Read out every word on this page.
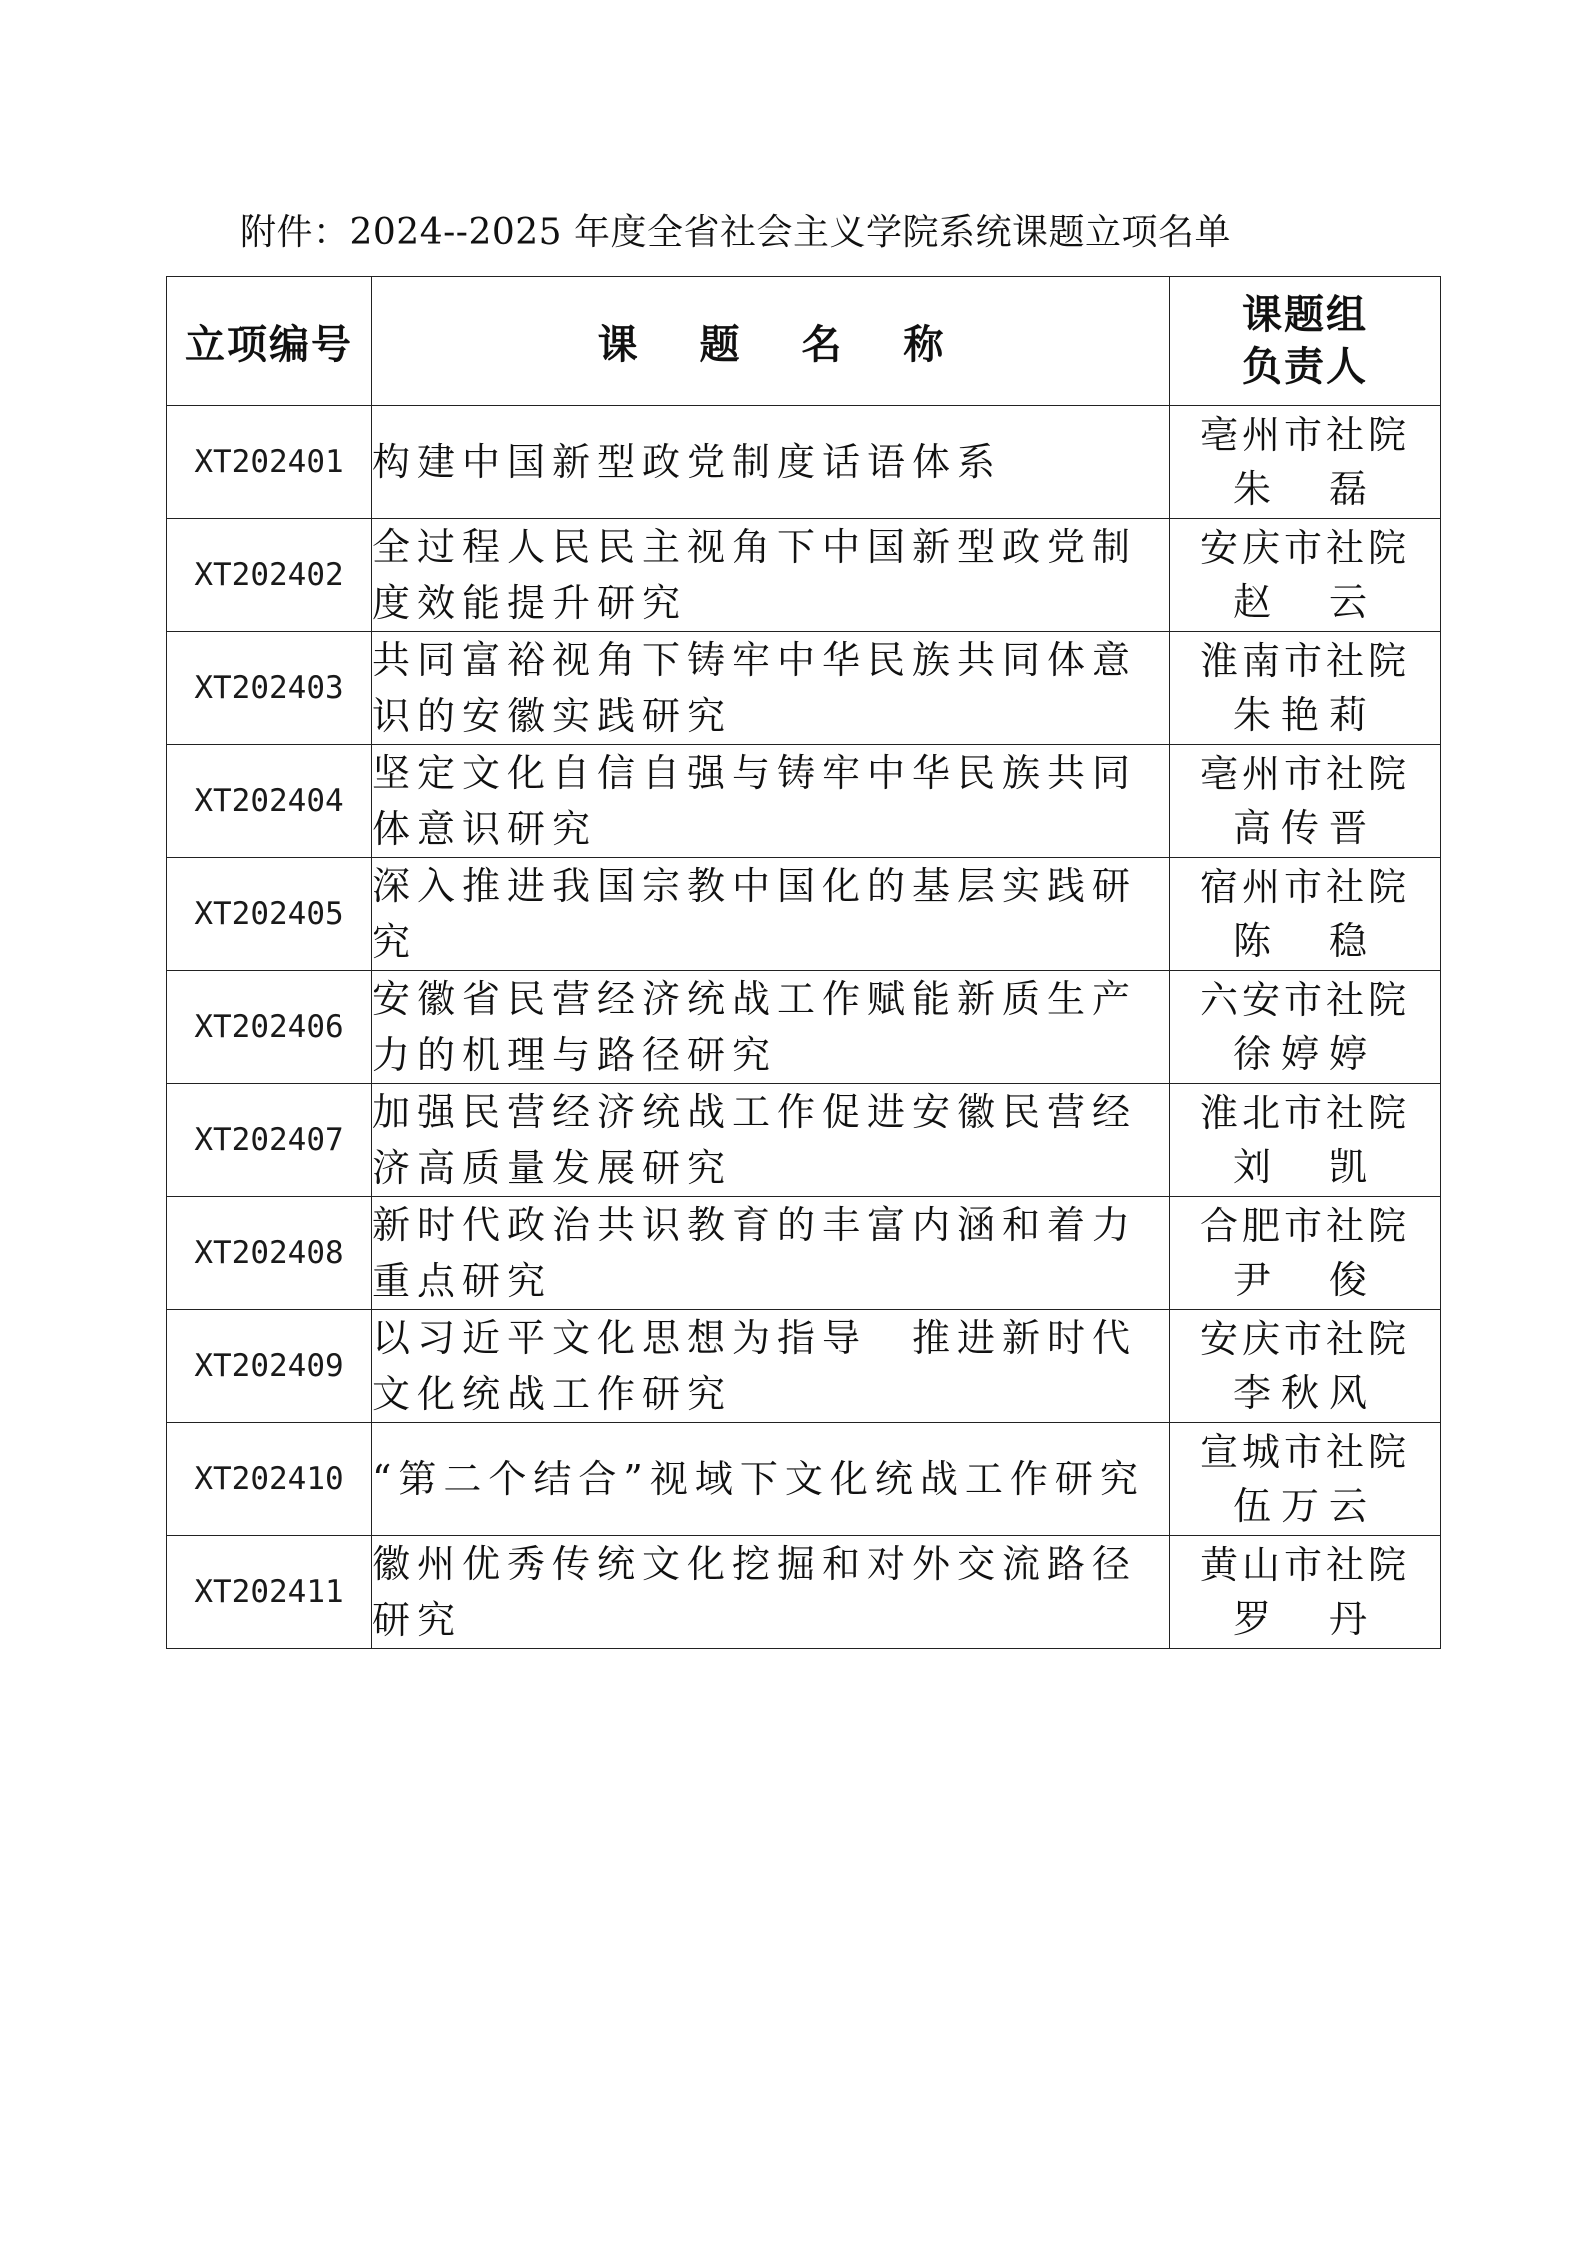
附件：2024--2025 年度全省社会主义学院系统课题立项名单
立项编号	课 题 名 称	课题组
负责人

XT202401	构建中国新型政党制度话语体系	亳州市社院
朱　磊

XT202402	全过程人民民主视角下中国新型政党制度效能提升研究	安庆市社院
赵　云

XT202403	共同富裕视角下铸牢中华民族共同体意识的安徽实践研究	淮南市社院
朱艳莉

XT202404	坚定文化自信自强与铸牢中华民族共同体意识研究	亳州市社院
高传晋

XT202405	深入推进我国宗教中国化的基层实践研究	宿州市社院
陈　稳

XT202406	安徽省民营经济统战工作赋能新质生产力的机理与路径研究	六安市社院
徐婷婷

XT202407	加强民营经济统战工作促进安徽民营经济高质量发展研究	淮北市社院
刘　凯

XT202408	新时代政治共识教育的丰富内涵和着力重点研究	合肥市社院
尹　俊

XT202409	以习近平文化思想为指导　推进新时代文化统战工作研究	安庆市社院
李秋风

XT202410	“第二个结合”视域下文化统战工作研究	宣城市社院
伍万云

XT202411	徽州优秀传统文化挖掘和对外交流路径研究	黄山市社院
罗　丹
